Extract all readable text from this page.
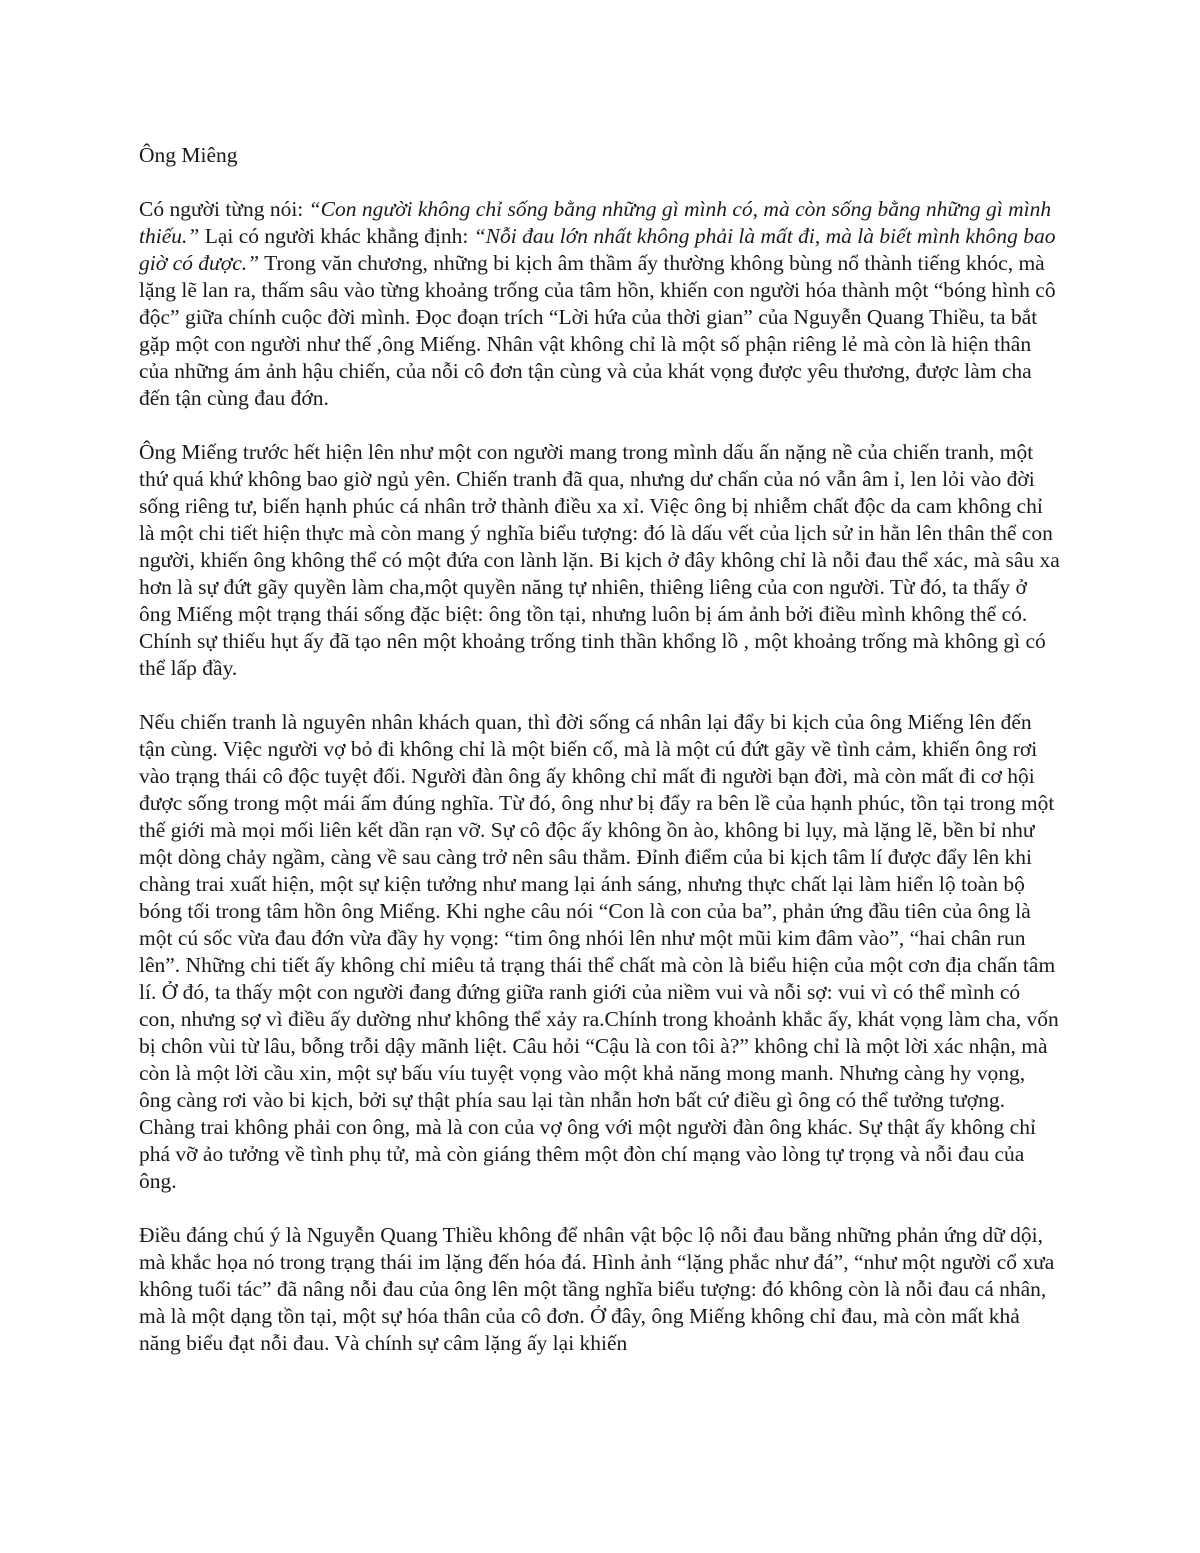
Ông Miêng

Có người từng nói: “Con người không chỉ sống bằng những gì mình có, mà còn sống bằng những gì mình thiếu.” Lại có người khác khẳng định: “Nỗi đau lớn nhất không phải là mất đi, mà là biết mình không bao giờ có được.” Trong văn chương, những bi kịch âm thầm ấy thường không bùng nổ thành tiếng khóc, mà lặng lẽ lan ra, thấm sâu vào từng khoảng trống của tâm hồn, khiến con người hóa thành một “bóng hình cô độc” giữa chính cuộc đời mình. Đọc đoạn trích “Lời hứa của thời gian” của Nguyễn Quang Thiều, ta bắt gặp một con người như thế ,ông Miếng. Nhân vật không chỉ là một số phận riêng lẻ mà còn là hiện thân của những ám ảnh hậu chiến, của nỗi cô đơn tận cùng và của khát vọng được yêu thương, được làm cha đến tận cùng đau đớn.

Ông Miếng trước hết hiện lên như một con người mang trong mình dấu ấn nặng nề của chiến tranh, một thứ quá khứ không bao giờ ngủ yên. Chiến tranh đã qua, nhưng dư chấn của nó vẫn âm ỉ, len lỏi vào đời sống riêng tư, biến hạnh phúc cá nhân trở thành điều xa xỉ. Việc ông bị nhiễm chất độc da cam không chỉ là một chi tiết hiện thực mà còn mang ý nghĩa biểu tượng: đó là dấu vết của lịch sử in hằn lên thân thể con người, khiến ông không thể có một đứa con lành lặn. Bi kịch ở đây không chỉ là nỗi đau thể xác, mà sâu xa hơn là sự đứt gãy quyền làm cha,một quyền năng tự nhiên, thiêng liêng của con người. Từ đó, ta thấy ở ông Miếng một trạng thái sống đặc biệt: ông tồn tại, nhưng luôn bị ám ảnh bởi điều mình không thể có. Chính sự thiếu hụt ấy đã tạo nên một khoảng trống tinh thần khổng lồ , một khoảng trống mà không gì có thể lấp đầy.

Nếu chiến tranh là nguyên nhân khách quan, thì đời sống cá nhân lại đẩy bi kịch của ông Miếng lên đến tận cùng. Việc người vợ bỏ đi không chỉ là một biến cố, mà là một cú đứt gãy về tình cảm, khiến ông rơi vào trạng thái cô độc tuyệt đối. Người đàn ông ấy không chỉ mất đi người bạn đời, mà còn mất đi cơ hội được sống trong một mái ấm đúng nghĩa. Từ đó, ông như bị đẩy ra bên lề của hạnh phúc, tồn tại trong một thế giới mà mọi mối liên kết dần rạn vỡ. Sự cô độc ấy không ồn ào, không bi lụy, mà lặng lẽ, bền bỉ như một dòng chảy ngầm, càng về sau càng trở nên sâu thẳm. Đỉnh điểm của bi kịch tâm lí được đẩy lên khi chàng trai xuất hiện, một sự kiện tưởng như mang lại ánh sáng, nhưng thực chất lại làm hiển lộ toàn bộ bóng tối trong tâm hồn ông Miếng. Khi nghe câu nói “Con là con của ba”, phản ứng đầu tiên của ông là một cú sốc vừa đau đớn vừa đầy hy vọng: “tim ông nhói lên như một mũi kim đâm vào”, “hai chân run lên”. Những chi tiết ấy không chỉ miêu tả trạng thái thể chất mà còn là biểu hiện của một cơn địa chấn tâm lí. Ở đó, ta thấy một con người đang đứng giữa ranh giới của niềm vui và nỗi sợ: vui vì có thể mình có con, nhưng sợ vì điều ấy dường như không thể xảy ra.Chính trong khoảnh khắc ấy, khát vọng làm cha, vốn bị chôn vùi từ lâu, bỗng trỗi dậy mãnh liệt. Câu hỏi “Cậu là con tôi à?” không chỉ là một lời xác nhận, mà còn là một lời cầu xin, một sự bấu víu tuyệt vọng vào một khả năng mong manh. Nhưng càng hy vọng, ông càng rơi vào bi kịch, bởi sự thật phía sau lại tàn nhẫn hơn bất cứ điều gì ông có thể tưởng tượng. Chàng trai không phải con ông, mà là con của vợ ông với một người đàn ông khác. Sự thật ấy không chỉ phá vỡ ảo tưởng về tình phụ tử, mà còn giáng thêm một đòn chí mạng vào lòng tự trọng và nỗi đau của ông.

Điều đáng chú ý là Nguyễn Quang Thiều không để nhân vật bộc lộ nỗi đau bằng những phản ứng dữ dội, mà khắc họa nó trong trạng thái im lặng đến hóa đá. Hình ảnh “lặng phắc như đá”, “như một người cổ xưa không tuổi tác” đã nâng nỗi đau của ông lên một tầng nghĩa biểu tượng: đó không còn là nỗi đau cá nhân, mà là một dạng tồn tại, một sự hóa thân của cô đơn. Ở đây, ông Miếng không chỉ đau, mà còn mất khả năng biểu đạt nỗi đau. Và chính sự câm lặng ấy lại khiến
